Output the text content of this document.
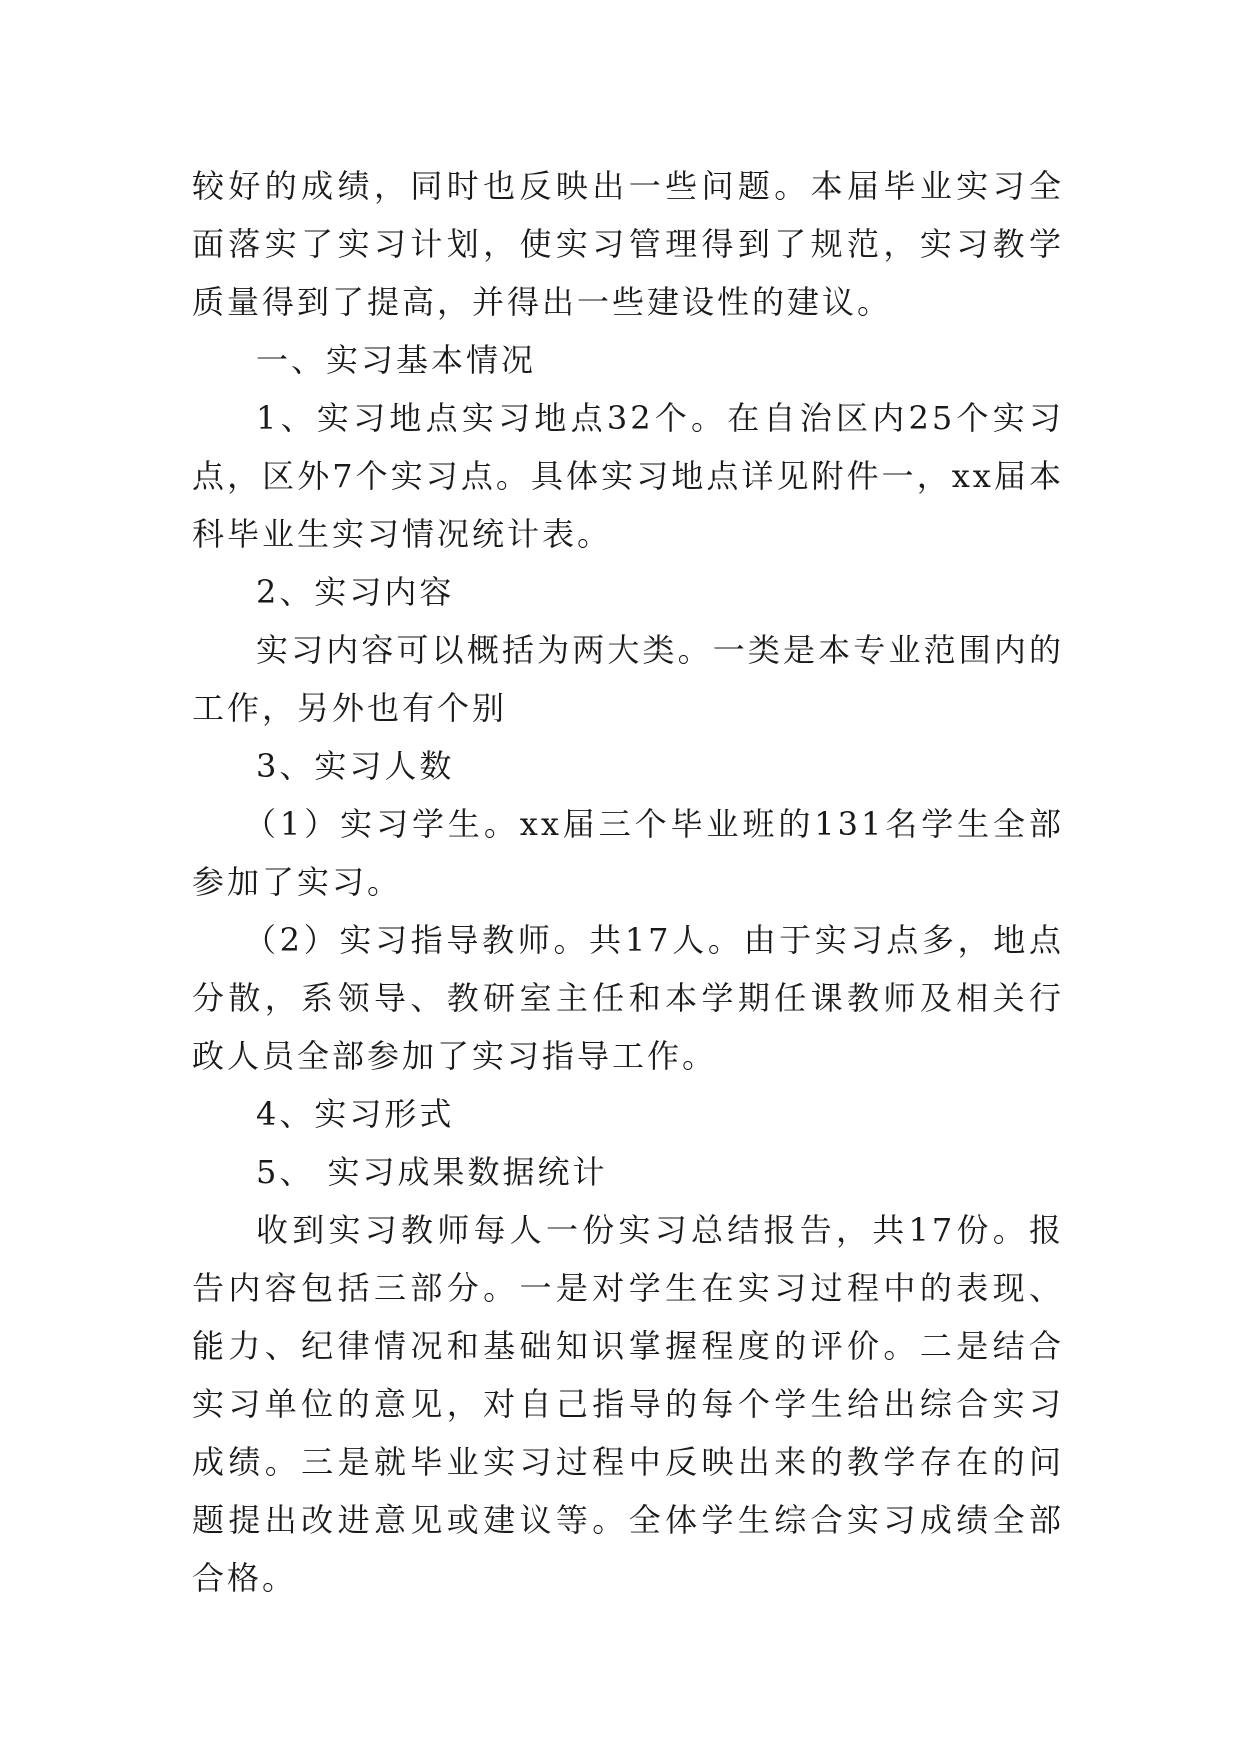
较好的成绩，同时也反映出一些问题。本届毕业实习全面落实了实习计划，使实习管理得到了规范，实习教学质量得到了提高，并得出一些建设性的建议。

一、实习基本情况

1、实习地点实习地点32个。在自治区内25个实习点，区外7个实习点。具体实习地点详见附件一，xx届本科毕业生实习情况统计表。

2、实习内容

实习内容可以概括为两大类。一类是本专业范围内的工作，另外也有个别

3、实习人数

（1）实习学生。xx届三个毕业班的131名学生全部参加了实习。

（2）实习指导教师。共17人。由于实习点多，地点分散，系领导、教研室主任和本学期任课教师及相关行政人员全部参加了实习指导工作。

4、实习形式

5、 实习成果数据统计

收到实习教师每人一份实习总结报告，共17份。报告内容包括三部分。一是对学生在实习过程中的表现、能力、纪律情况和基础知识掌握程度的评价。二是结合实习单位的意见，对自己指导的每个学生给出综合实习成绩。三是就毕业实习过程中反映出来的教学存在的问题提出改进意见或建议等。全体学生综合实习成绩全部合格。
